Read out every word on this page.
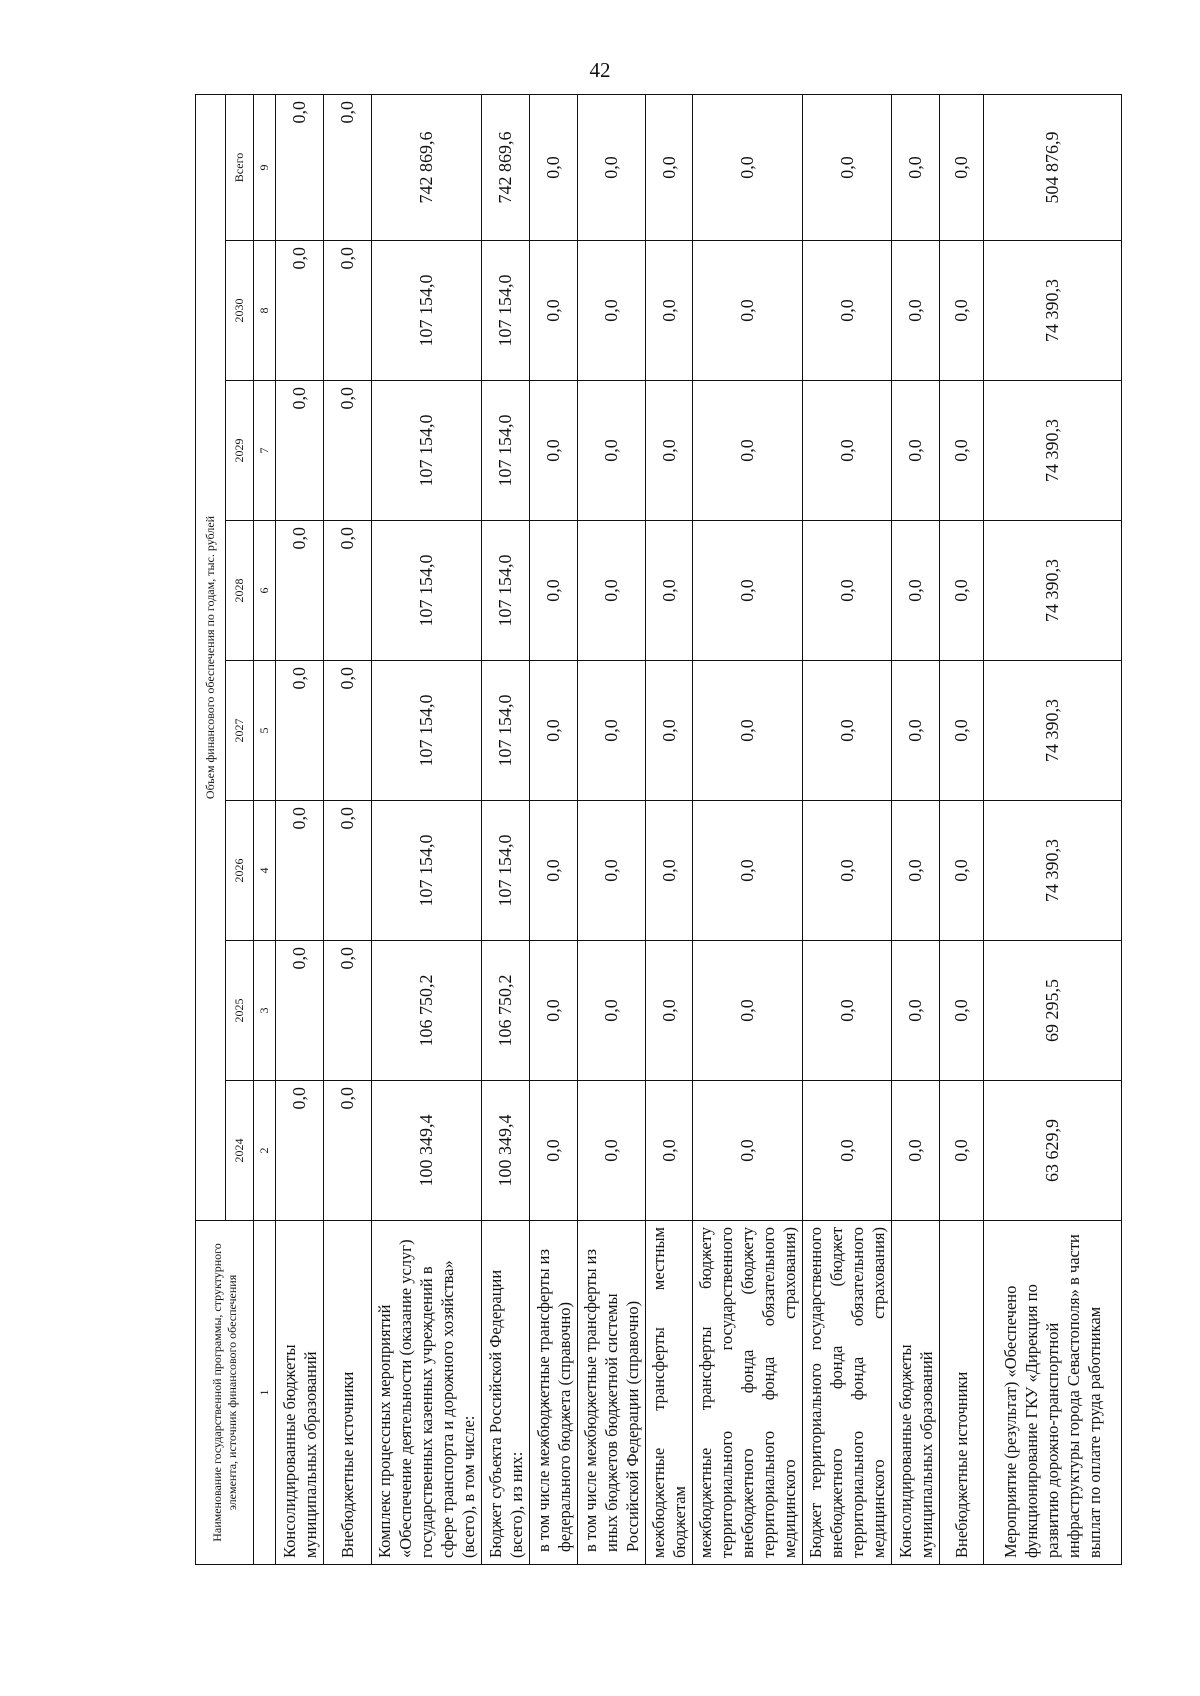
42
Наименование государственной программы, структурного элемента, источник финансового обеспечения	Объем финансового обеспечения по годам, тыс. рублей							
	2024	2025	2026	2027	2028	2029	2030	Всего
1	2	3	4	5	6	7	8	9
Консолидированные бюджеты муниципальных образований	0,0	0,0	0,0	0,0	0,0	0,0	0,0	0,0
Внебюджетные источники	0,0	0,0	0,0	0,0	0,0	0,0	0,0	0,0
Комплекс процессных мероприятий «Обеспечение деятельности (оказание услуг) государственных казенных учреждений в сфере транспорта и дорожного хозяйства» (всего), в том числе:	100 349,4	106 750,2	107 154,0	107 154,0	107 154,0	107 154,0	107 154,0	742 869,6
Бюджет субъекта Российской Федерации (всего), из них:	100 349,4	106 750,2	107 154,0	107 154,0	107 154,0	107 154,0	107 154,0	742 869,6
в том числе межбюджетные трансферты из федерального бюджета (справочно)	0,0	0,0	0,0	0,0	0,0	0,0	0,0	0,0
в том числе межбюджетные трансферты из иных бюджетов бюджетной системы Российской Федерации (справочно)	0,0	0,0	0,0	0,0	0,0	0,0	0,0	0,0
межбюджетные трансферты местным бюджетам	0,0	0,0	0,0	0,0	0,0	0,0	0,0	0,0
межбюджетные трансферты бюджету территориального государственного внебюджетного фонда (бюджету территориального фонда обязательного медицинского страхования)	0,0	0,0	0,0	0,0	0,0	0,0	0,0	0,0
Бюджет территориального государственного внебюджетного фонда (бюджет территориального фонда обязательного медицинского страхования)	0,0	0,0	0,0	0,0	0,0	0,0	0,0	0,0
Консолидированные бюджеты муниципальных образований	0,0	0,0	0,0	0,0	0,0	0,0	0,0	0,0
Внебюджетные источники	0,0	0,0	0,0	0,0	0,0	0,0	0,0	0,0
Мероприятие (результат) «Обеспечено функционирование ГКУ «Дирекция по развитию дорожно-транспортной инфраструктуры города Севастополя» в части выплат по оплате труда работникам	63 629,9	69 295,5	74 390,3	74 390,3	74 390,3	74 390,3	74 390,3	504 876,9
